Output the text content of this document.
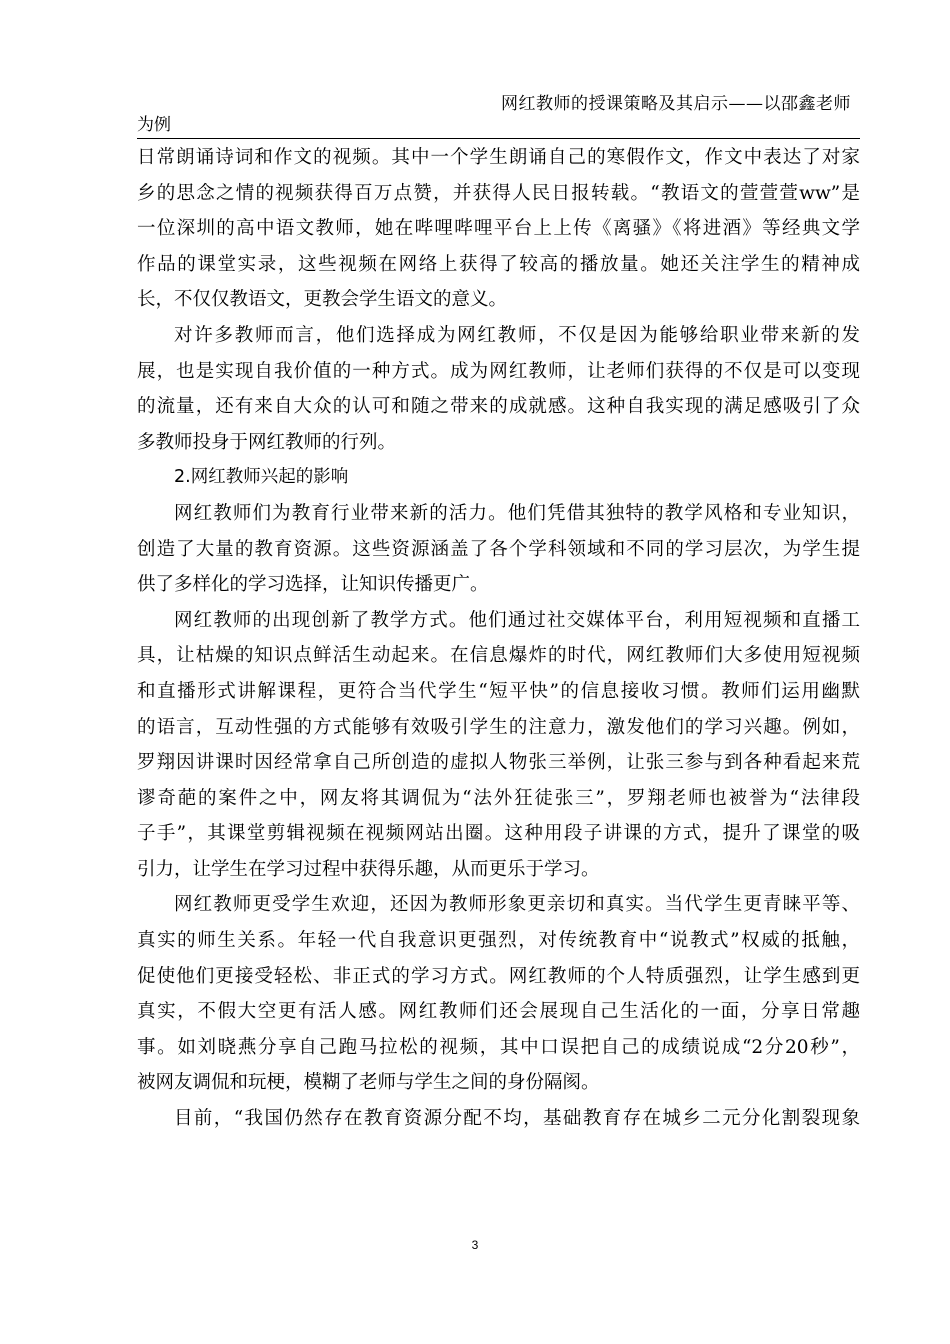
网红教师的授课策略及其启示——以邵鑫老师
为例
日常朗诵诗词和作文的视频。其中一个学生朗诵自己的寒假作文，作文中表达了对家
乡的思念之情的视频获得百万点赞，并获得人民日报转载。“教语文的萱萱萱ww”是
一位深圳的高中语文教师，她在哔哩哔哩平台上上传《离骚》《将进酒》等经典文学
作品的课堂实录，这些视频在网络上获得了较高的播放量。她还关注学生的精神成
长，不仅仅教语文，更教会学生语文的意义。
对许多教师而言，他们选择成为网红教师，不仅是因为能够给职业带来新的发
展，也是实现自我价值的一种方式。成为网红教师，让老师们获得的不仅是可以变现
的流量，还有来自大众的认可和随之带来的成就感。这种自我实现的满足感吸引了众
多教师投身于网红教师的行列。
2.网红教师兴起的影响
网红教师们为教育行业带来新的活力。他们凭借其独特的教学风格和专业知识，
创造了大量的教育资源。这些资源涵盖了各个学科领域和不同的学习层次，为学生提
供了多样化的学习选择，让知识传播更广。
网红教师的出现创新了教学方式。他们通过社交媒体平台，利用短视频和直播工
具，让枯燥的知识点鲜活生动起来。在信息爆炸的时代，网红教师们大多使用短视频
和直播形式讲解课程，更符合当代学生“短平快”的信息接收习惯。教师们运用幽默
的语言，互动性强的方式能够有效吸引学生的注意力，激发他们的学习兴趣。例如，
罗翔因讲课时因经常拿自己所创造的虚拟人物张三举例，让张三参与到各种看起来荒
谬奇葩的案件之中，网友将其调侃为“法外狂徒张三”，罗翔老师也被誉为“法律段
子手”，其课堂剪辑视频在视频网站出圈。这种用段子讲课的方式，提升了课堂的吸
引力，让学生在学习过程中获得乐趣，从而更乐于学习。
网红教师更受学生欢迎，还因为教师形象更亲切和真实。当代学生更青睐平等、
真实的师生关系。年轻一代自我意识更强烈，对传统教育中“说教式”权威的抵触，
促使他们更接受轻松、非正式的学习方式。网红教师的个人特质强烈，让学生感到更
真实，不假大空更有活人感。网红教师们还会展现自己生活化的一面，分享日常趣
事。如刘晓燕分享自己跑马拉松的视频，其中口误把自己的成绩说成“2分20秒”，
被网友调侃和玩梗，模糊了老师与学生之间的身份隔阂。
目前，“我国仍然存在教育资源分配不均，基础教育存在城乡二元分化割裂现象
3
